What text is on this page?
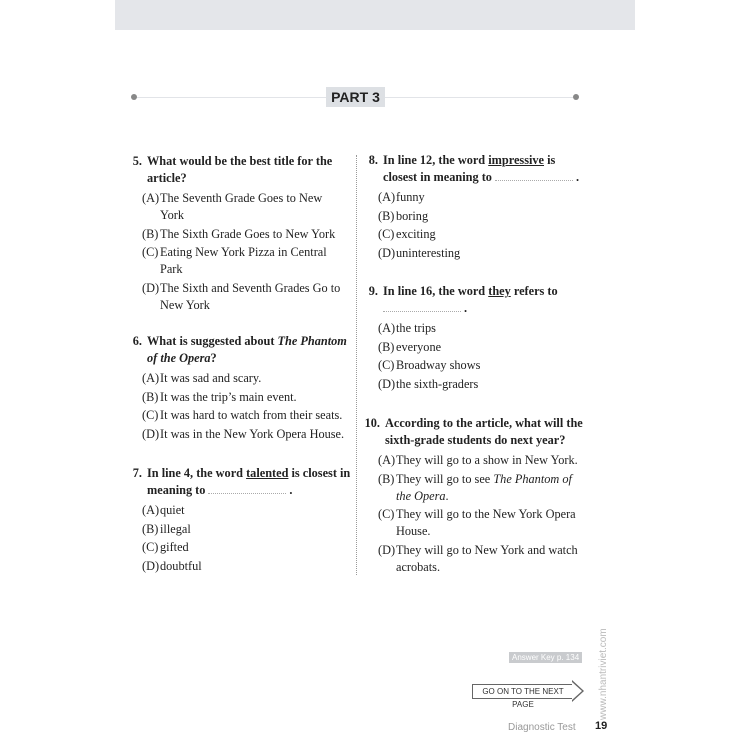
PART 3
5. What would be the best title for the article?
(A) The Seventh Grade Goes to New York
(B) The Sixth Grade Goes to New York
(C) Eating New York Pizza in Central Park
(D) The Sixth and Seventh Grades Go to New York
6. What is suggested about The Phantom of the Opera?
(A) It was sad and scary.
(B) It was the trip’s main event.
(C) It was hard to watch from their seats.
(D) It was in the New York Opera House.
7. In line 4, the word talented is closest in meaning to	.
(A) quiet
(B) illegal
(C) gifted
(D) doubtful
8. In line 12, the word impressive is closest in meaning to	.
(A) funny
(B) boring
(C) exciting
(D) uninteresting
9. In line 16, the word they refers to
.
(A) the trips
(B) everyone
(C) Broadway shows
(D) the sixth-graders
10. According to the article, what will the sixth-grade students do next year?
(A) They will go to a show in New York.
(B) They will go to see The Phantom of the Opera.
(C) They will go to the New York Opera House.
(D) They will go to New York and watch acrobats.
Answer Key p. 134
GO ON TO THE NEXT PAGE	www.nhantriviet.com
Diagnostic Test 19
